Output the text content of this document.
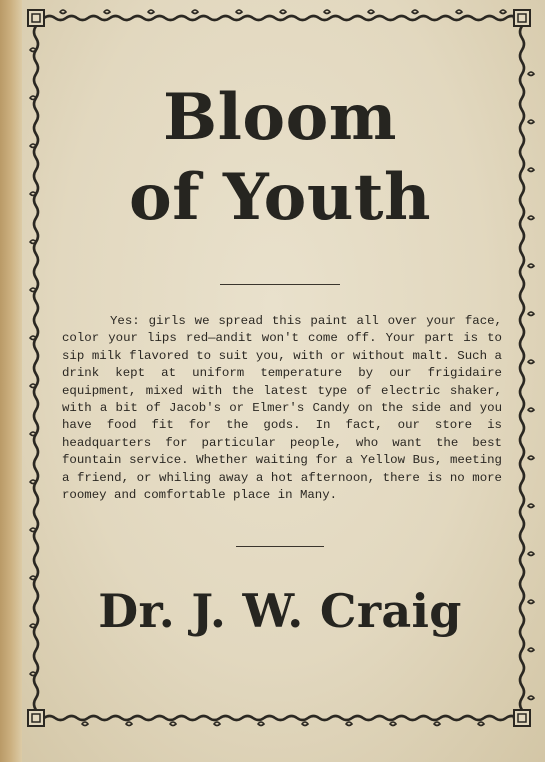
Bloom
of Youth

Yes: girls we spread this paint all over your face, color your lips red—andit won't come off. Your part is to sip milk flavored to suit you, with or without malt. Such a drink kept at uniform temperature by our frigidaire equipment, mixed with the latest type of electric shaker, with a bit of Jacob's or Elmer's Candy on the side and you have food fit for the gods. In fact, our store is headquarters for particular people, who want the best fountain service. Whether waiting for a Yellow Bus, meeting a friend, or whiling away a hot afternoon, there is no more roomey and comfortable place in Many.

Dr. J. W. Craig
